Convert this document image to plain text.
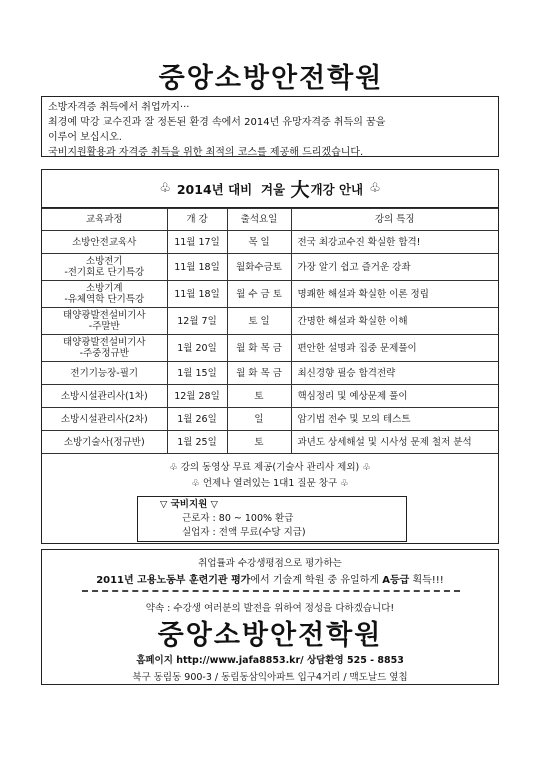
중앙소방안전학원
소방자격증 취득에서 취업까지···
최경예 막강 교수진과 잘 정돈된 환경 속에서 2014년 유망자격증 취득의 꿈을
이루어 보십시오.
국비지원활용과 자격증 취득을 위한 최적의 코스를 제공해 드리겠습니다.
♧ 2014년 대비
겨울
大 개강 안내 ♧
교육과정	개 강	출석요일	강의 특징
소방안전교육사	11월 17일	목 일	전국 최강교수진 확실한 합격!
소방전기
-전기회로 단기특강	11월 18일	월화수금토	가장 알기 쉽고 즐거운 강좌
소방기계
-유체역학 단기특강	11월 18일	월 수 금 토	명쾌한 해설과 확실한 이론 정립
태양광발전설비기사
-주말반	12월 7일	토 일	간명한 해설과 확실한 이해
태양광발전설비기사
-주중정규반	1월 20일	월 화 목 금	편안한 설명과 집중 문제풀이
전기기능장-필기	1월 15일	월 화 목 금	최신경향 필승 합격전략
소방시설관리사(1차)	12월 28일	토	핵심정리 및 예상문제 풀이
소방시설관리사(2차)	1월 26일	일	암기법 전수 및 모의 테스트
소방기술사(정규반)	1월 25일	토	과년도 상세해설 및 시사성 문제 철저 분석
♧ 강의 동영상 무료 제공(기술사 관리사 제외) ♧
♧ 언제나 열려있는 1대1 질문 창구 ♧
▽ 국비지원 ▽
근로자 : 80 ~ 100% 환급
실업자 : 전액 무료(수당 지급)
취업률과 수강생평점으로 평가하는
2011년 고용노동부 훈련기관 평가에서 기술계 학원 중 유일하게 A등급 획득!!!
약속 : 수강생 여러분의 발전을 위하여 정성을 다하겠습니다!
중앙소방안전학원
홈페이지 http://www.jafa8853.kr/ 상담환영 525 - 8853
북구 동림동 900-3 / 동림동삼익아파트 입구4거리 / 맥도날드 옆칩
